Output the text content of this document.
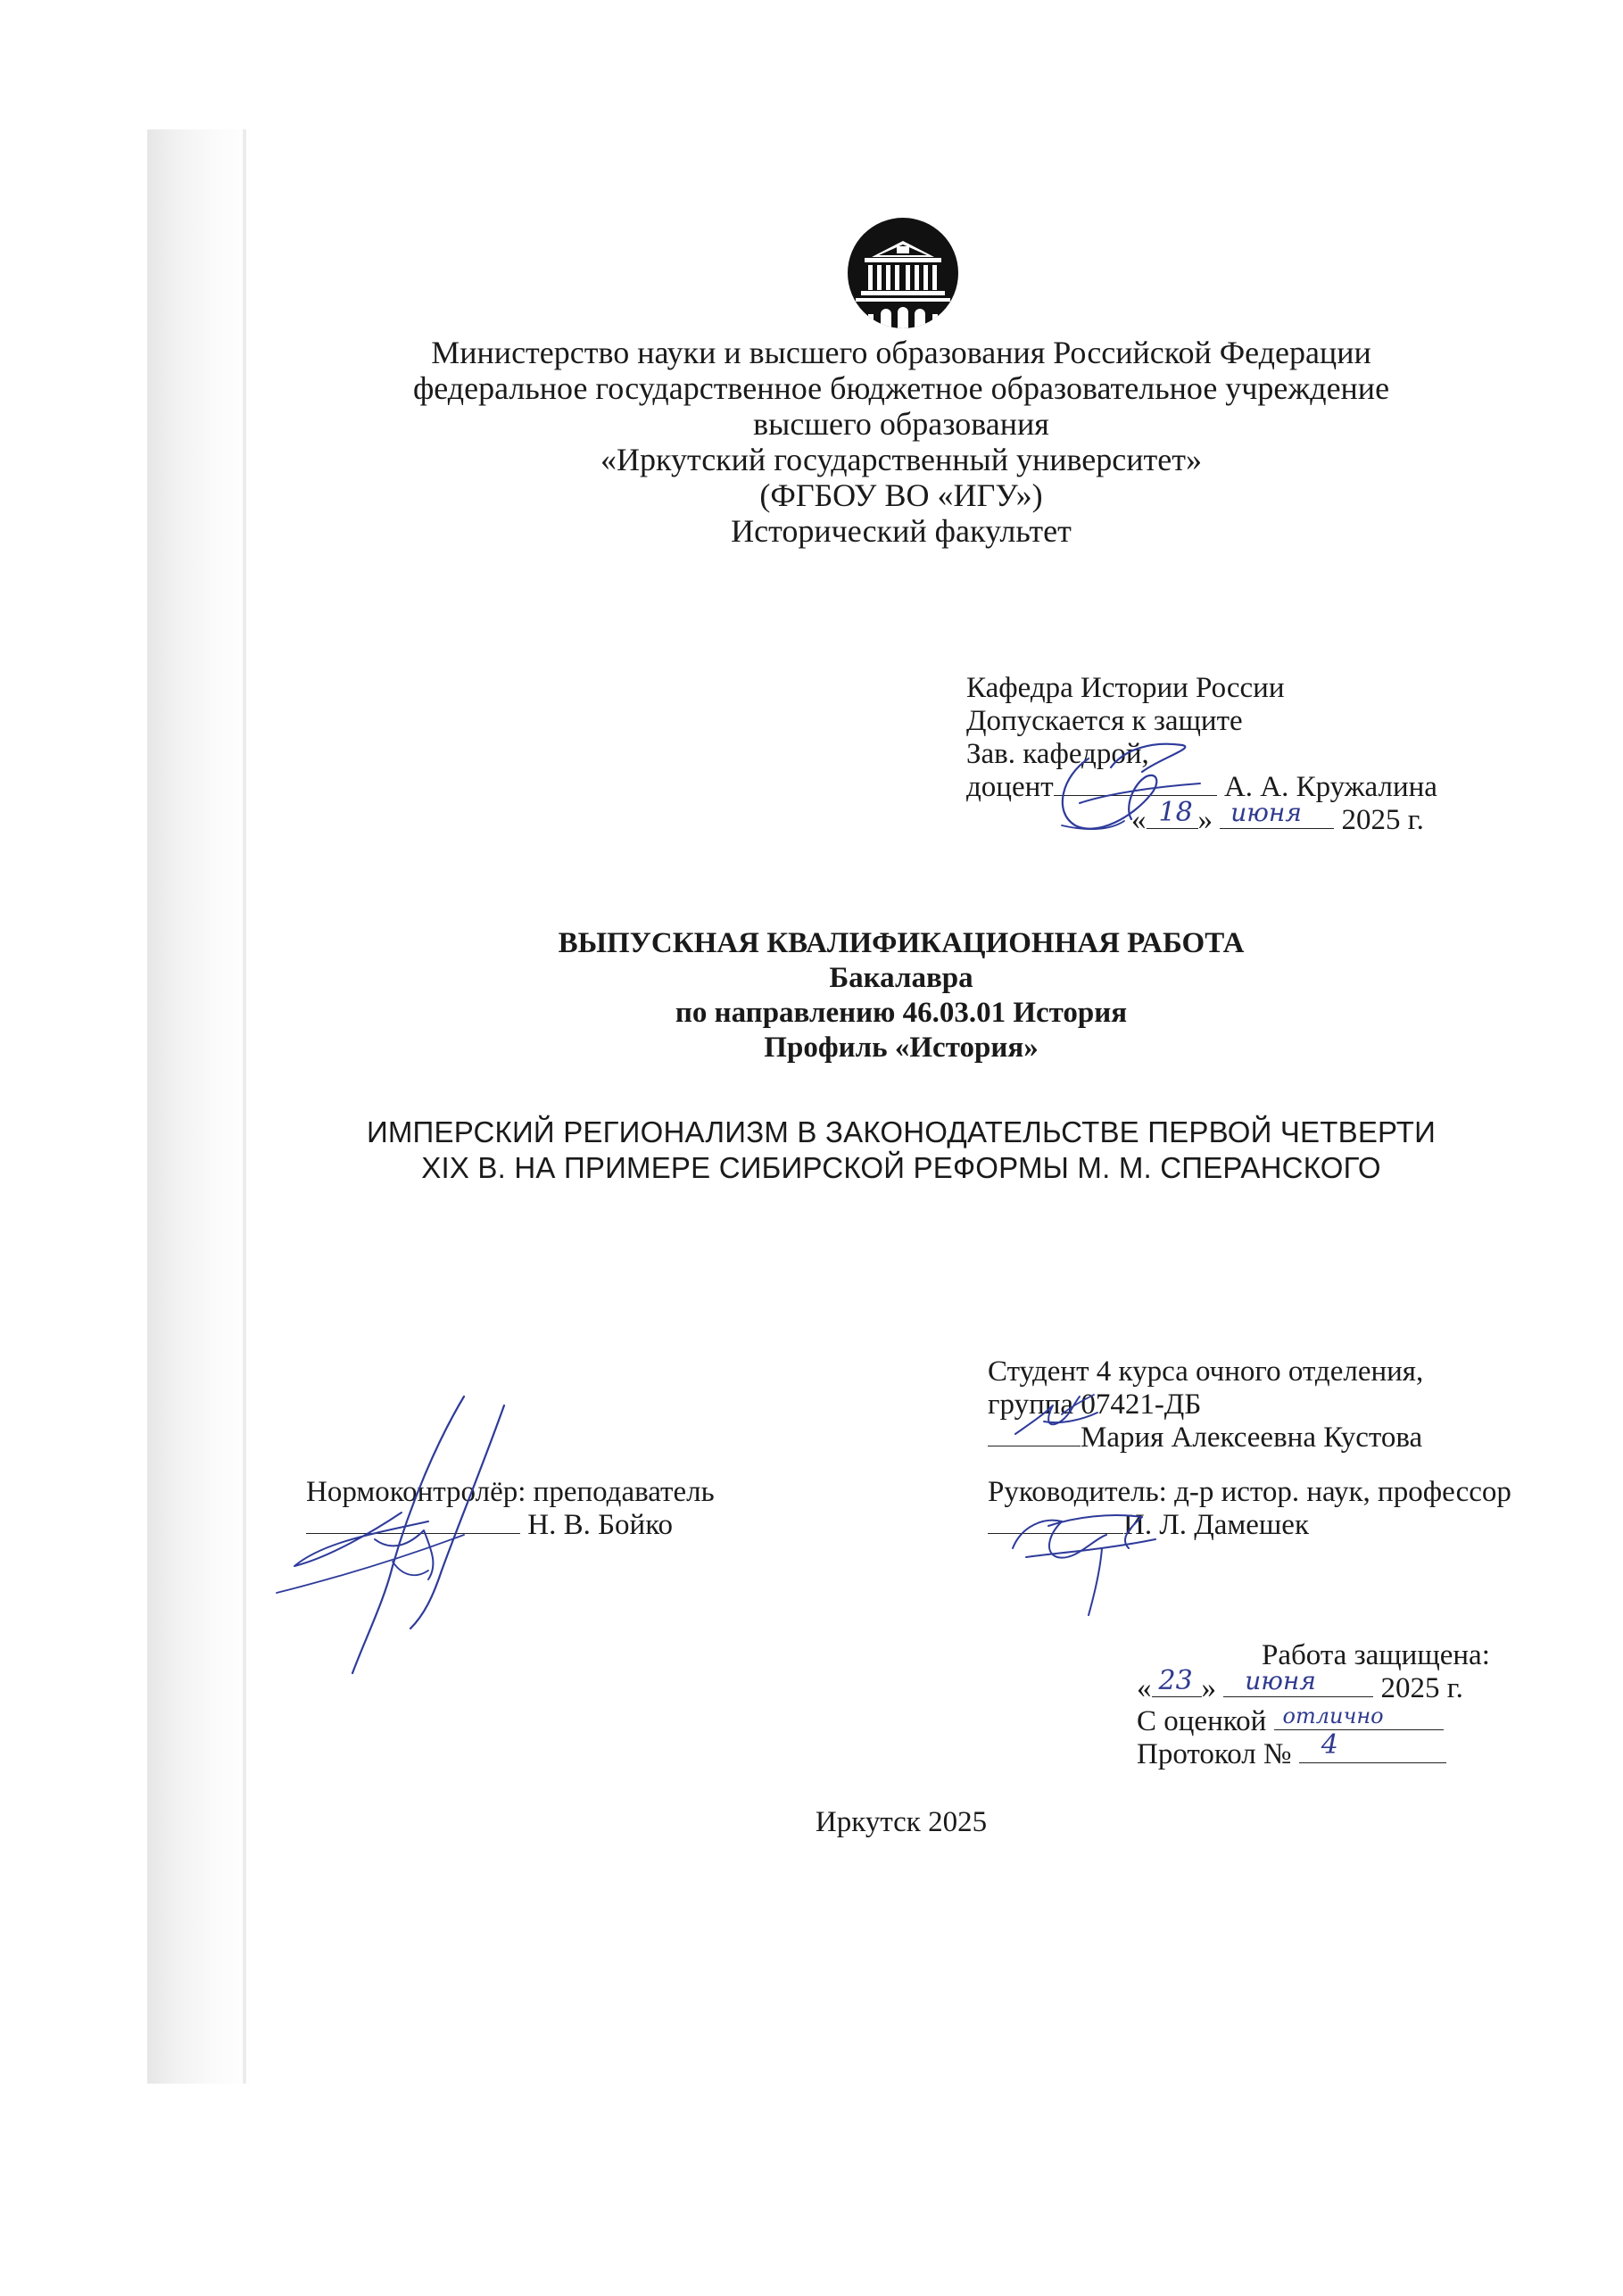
Министерство науки и высшего образования Российской Федерации
федеральное государственное бюджетное образовательное учреждение
высшего образования
«Иркутский государственный университет»
(ФГБОУ ВО «ИГУ»)
Исторический факультет
Кафедра Истории России
Допускается к защите
Зав. кафедрой,
доцент	А. А. Кружалина
« 18 » июня 2025 г.
ВЫПУСКНАЯ КВАЛИФИКАЦИОННАЯ РАБОТА
Бакалавра
по направлению 46.03.01 История
Профиль «История»
ИМПЕРСКИЙ РЕГИОНАЛИЗМ В ЗАКОНОДАТЕЛЬСТВЕ ПЕРВОЙ ЧЕТВЕРТИ
XIX В. НА ПРИМЕРЕ СИБИРСКОЙ РЕФОРМЫ М. М. СПЕРАНСКОГО
Студент 4 курса очного отделения,
группа 07421-ДБ
Мария Алексеевна Кустова
Нормоконтролёр: преподаватель
Н. В. Бойко
Руководитель: д-р истор. наук, профессор
И. Л. Дамешек
Работа защищена:
« 23 » июня 2025 г.
С оценкой отлично
Протокол № 4
Иркутск 2025
